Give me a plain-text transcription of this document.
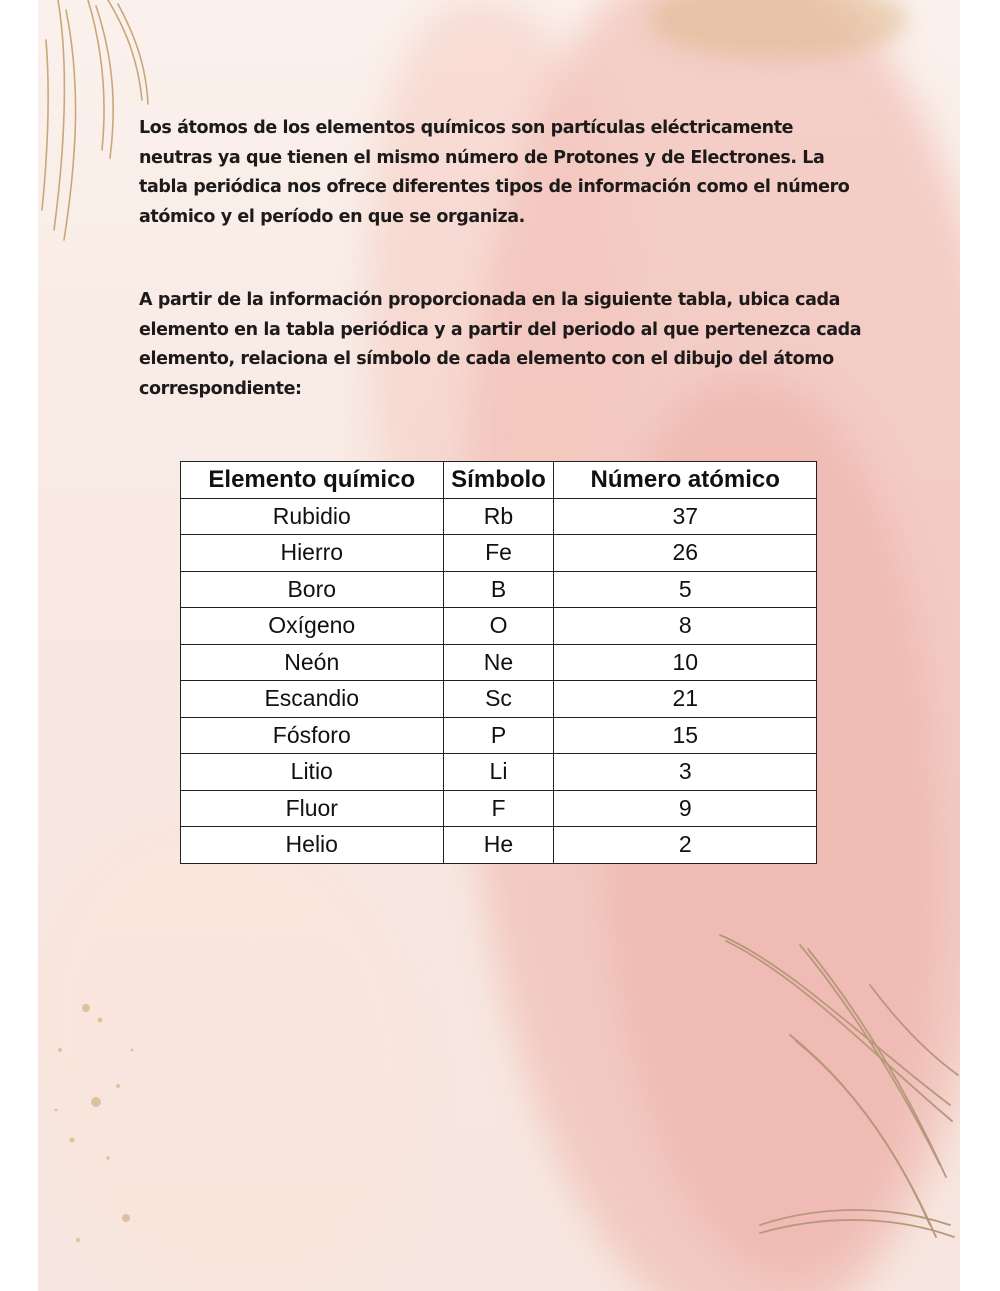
Los átomos de los elementos químicos son partículas eléctricamente neutras ya que tienen el mismo número de Protones y de Electrones. La tabla periódica nos ofrece diferentes tipos de información como el número atómico y el período en que se organiza.

A partir de la información proporcionada en la siguiente tabla, ubica cada elemento en la tabla periódica y a partir del periodo al que pertenezca cada elemento, relaciona el símbolo de cada elemento con el dibujo del átomo correspondiente:

Elemento químico	Símbolo	Número atómico
Rubidio	Rb	37
Hierro	Fe	26
Boro	B	5
Oxígeno	O	8
Neón	Ne	10
Escandio	Sc	21
Fósforo	P	15
Litio	Li	3
Fluor	F	9
Helio	He	2
